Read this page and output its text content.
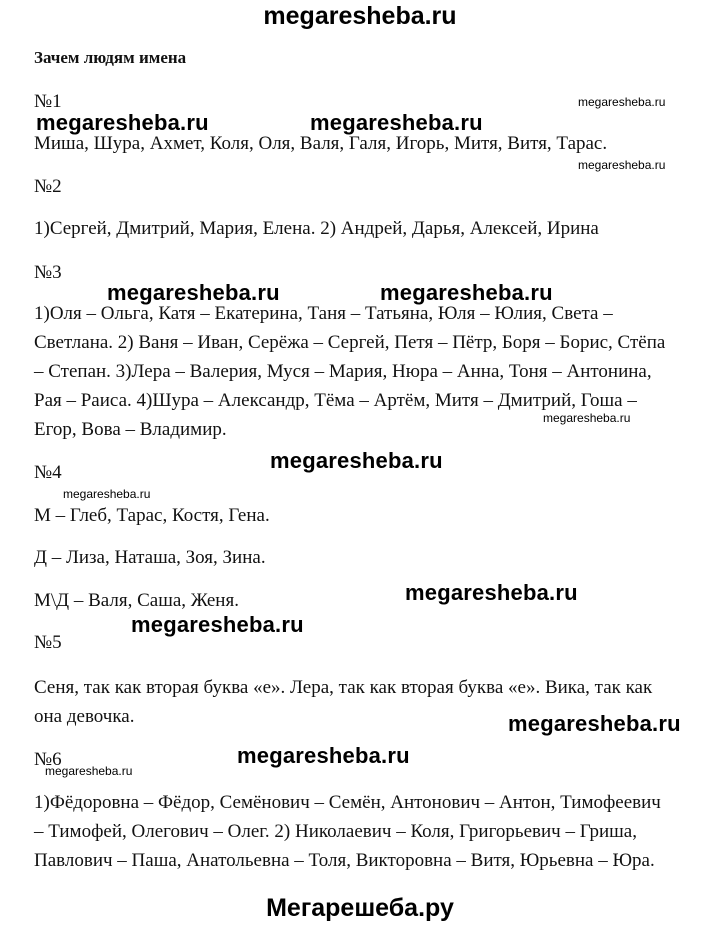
megaresheba.ru
Зачем людям имена
№1
Миша, Шура, Ахмет, Коля, Оля, Валя, Галя, Игорь, Митя, Витя, Тарас.
№2
1)Сергей, Дмитрий, Мария, Елена. 2) Андрей, Дарья, Алексей, Ирина
№3
1)Оля – Ольга, Катя – Екатерина, Таня – Татьяна, Юля – Юлия, Света –
Светлана. 2) Ваня – Иван, Серёжа – Сергей, Петя – Пётр, Боря – Борис, Стёпа
– Степан. 3)Лера – Валерия, Муся – Мария, Нюра – Анна, Тоня – Антонина,
Рая – Раиса. 4)Шура – Александр, Тёма – Артём, Митя – Дмитрий, Гоша –
Егор, Вова – Владимир.
№4
М – Глеб, Тарас, Костя, Гена.
Д – Лиза, Наташа, Зоя, Зина.
М\Д – Валя, Саша, Женя.
№5
Сеня, так как вторая буква «е». Лера, так как вторая буква «е». Вика, так как
она девочка.
№6
1)Фёдоровна – Фёдор, Семёнович – Семён, Антонович – Антон, Тимофеевич
– Тимофей, Олегович – Олег. 2) Николаевич – Коля, Григорьевич – Гриша,
Павлович – Паша, Анатольевна – Толя, Викторовна – Витя, Юрьевна – Юра.
megaresheba.ru	megaresheba.ru
megaresheba.ru	megaresheba.ru
megaresheba.ru
megaresheba.ru
megaresheba.ru
megaresheba.ru
megaresheba.ru
megaresheba.ru
megaresheba.ru
megaresheba.ru
megaresheba.ru
megaresheba.ru
Мегарешеба.ру
